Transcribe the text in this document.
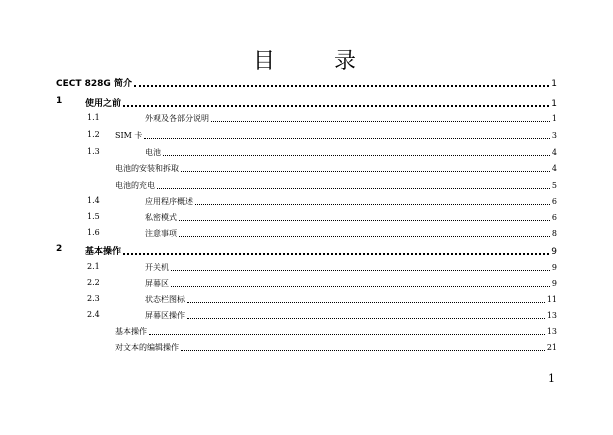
目 录
CECT 828G 简介	1
1	使用之前	1
1.1	外观及各部分说明	1
1.2 SIM 卡	3
1.3	电池	4
电池的安装和拆取	4
电池的充电	5
1.4	应用程序概述	6
1.5	私密模式	6
1.6	注意事项	8
2	基本操作	9
2.1	开关机	9
2.2	屏幕区	9
2.3	状态栏图标	11
2.4	屏幕区操作	13
基本操作	13
对文本的编辑操作	21
1
